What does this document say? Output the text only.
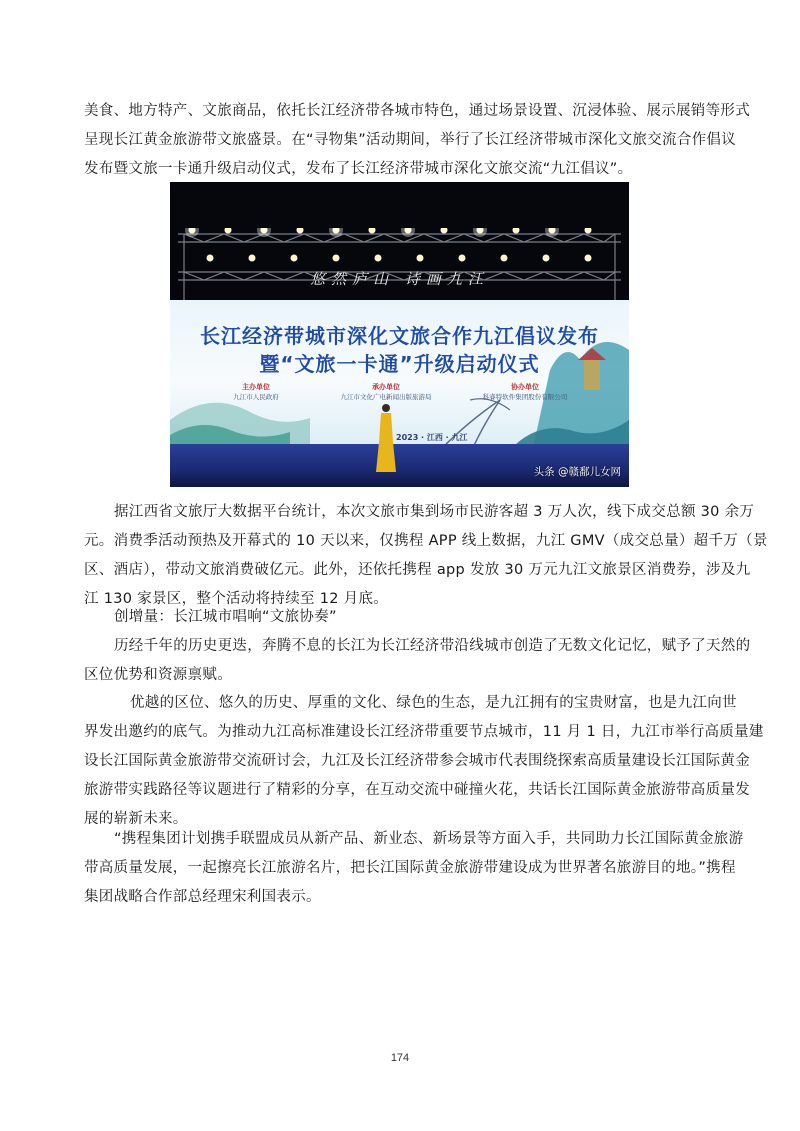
美食、地方特产、文旅商品，依托长江经济带各城市特色，通过场景设置、沉浸体验、展示展销等形式
呈现长江黄金旅游带文旅盛景。在“寻物集”活动期间，举行了长江经济带城市深化文旅交流合作倡议
发布暨文旅一卡通升级启动仪式，发布了长江经济带城市深化文旅交流“九江倡议”。

悠然庐山 诗画九江
长江经济带城市深化文旅合作九江倡议发布
暨“文旅一卡通”升级启动仪式
主办单位
九江市人民政府
承办单位
九江市文化广电新闻出版旅游局
协办单位
科睿特软件集团股份有限公司
2023 · 江西 · 九江
头条 @赣鄱儿女网

据江西省文旅厅大数据平台统计，本次文旅市集到场市民游客超 3 万人次，线下成交总额 30 余万
元。消费季活动预热及开幕式的 10 天以来，仅携程 APP 线上数据，九江 GMV（成交总量）超千万（景
区、酒店），带动文旅消费破亿元。此外，还依托携程 app 发放 30 万元九江文旅景区消费券，涉及九
江 130 家景区，整个活动将持续至 12 月底。

创增量：长江城市唱响“文旅协奏”

历经千年的历史更迭，奔腾不息的长江为长江经济带沿线城市创造了无数文化记忆，赋予了天然的
区位优势和资源禀赋。

优越的区位、悠久的历史、厚重的文化、绿色的生态，是九江拥有的宝贵财富，也是九江向世
界发出邀约的底气。为推动九江高标准建设长江经济带重要节点城市，11 月 1 日，九江市举行高质量建
设长江国际黄金旅游带交流研讨会，九江及长江经济带参会城市代表围绕探索高质量建设长江国际黄金
旅游带实践路径等议题进行了精彩的分享，在互动交流中碰撞火花，共话长江国际黄金旅游带高质量发
展的崭新未来。

“携程集团计划携手联盟成员从新产品、新业态、新场景等方面入手，共同助力长江国际黄金旅游
带高质量发展，一起擦亮长江旅游名片，把长江国际黄金旅游带建设成为世界著名旅游目的地。”携程
集团战略合作部总经理宋利国表示。

174
